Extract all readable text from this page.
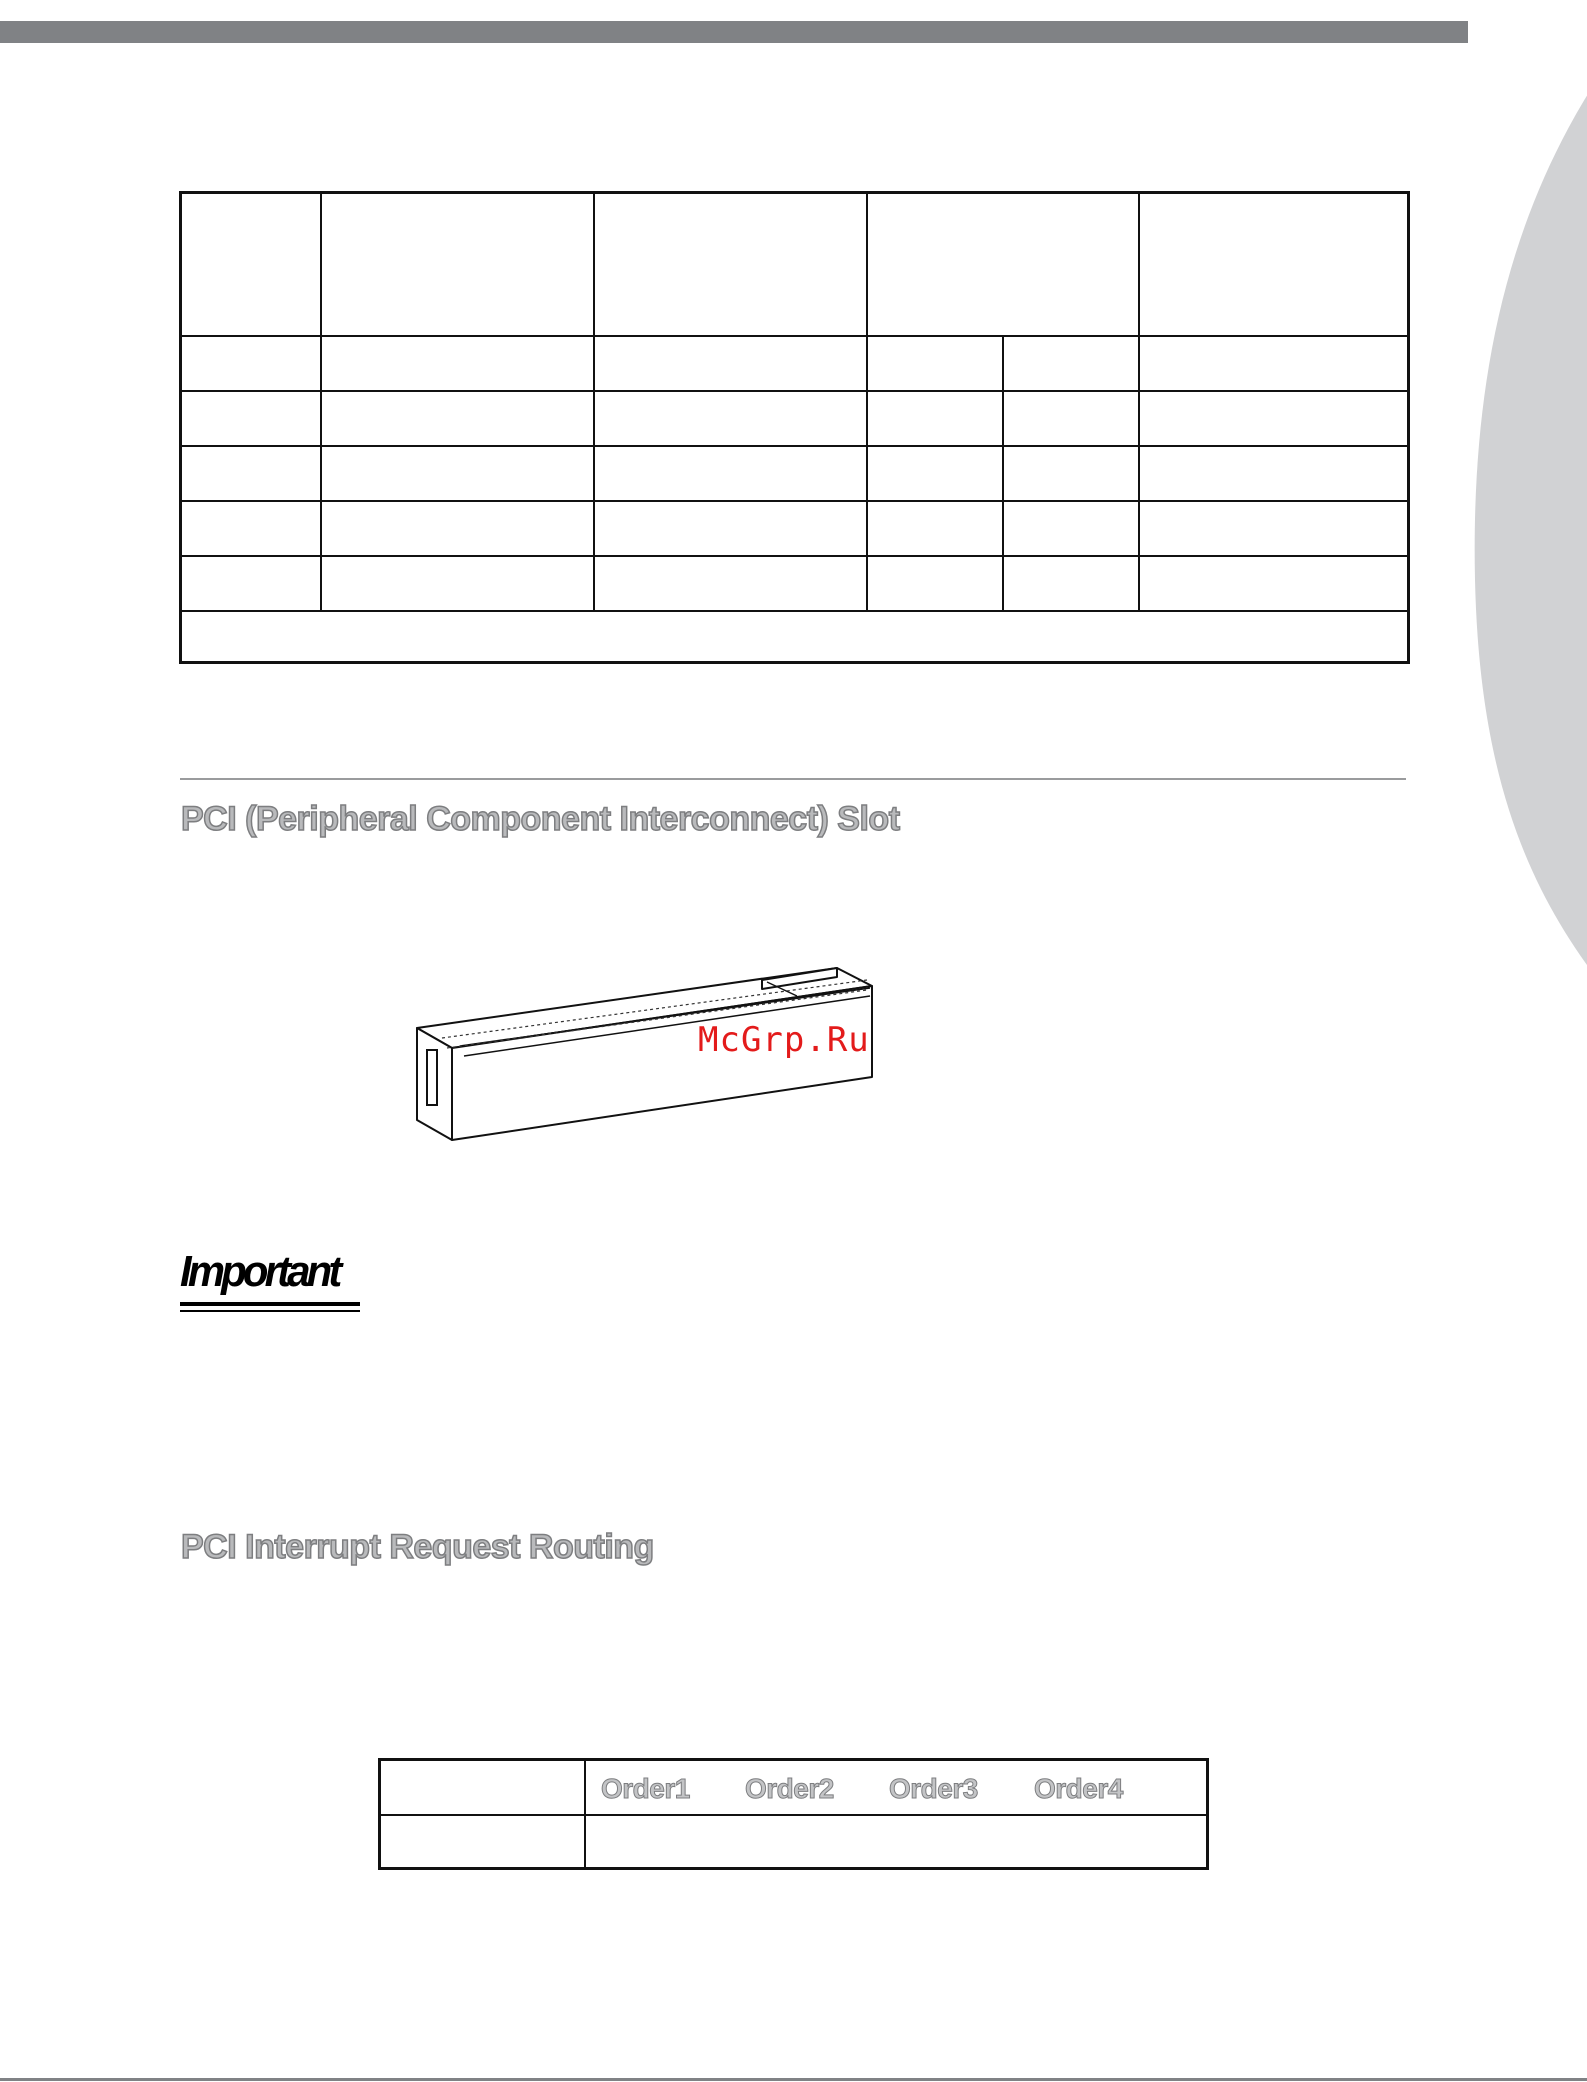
PCI (Peripheral Component Interconnect) Slot
McGrp.Ru
Important
PCI Interrupt Request Routing
Order1 Order2 Order3 Order4
